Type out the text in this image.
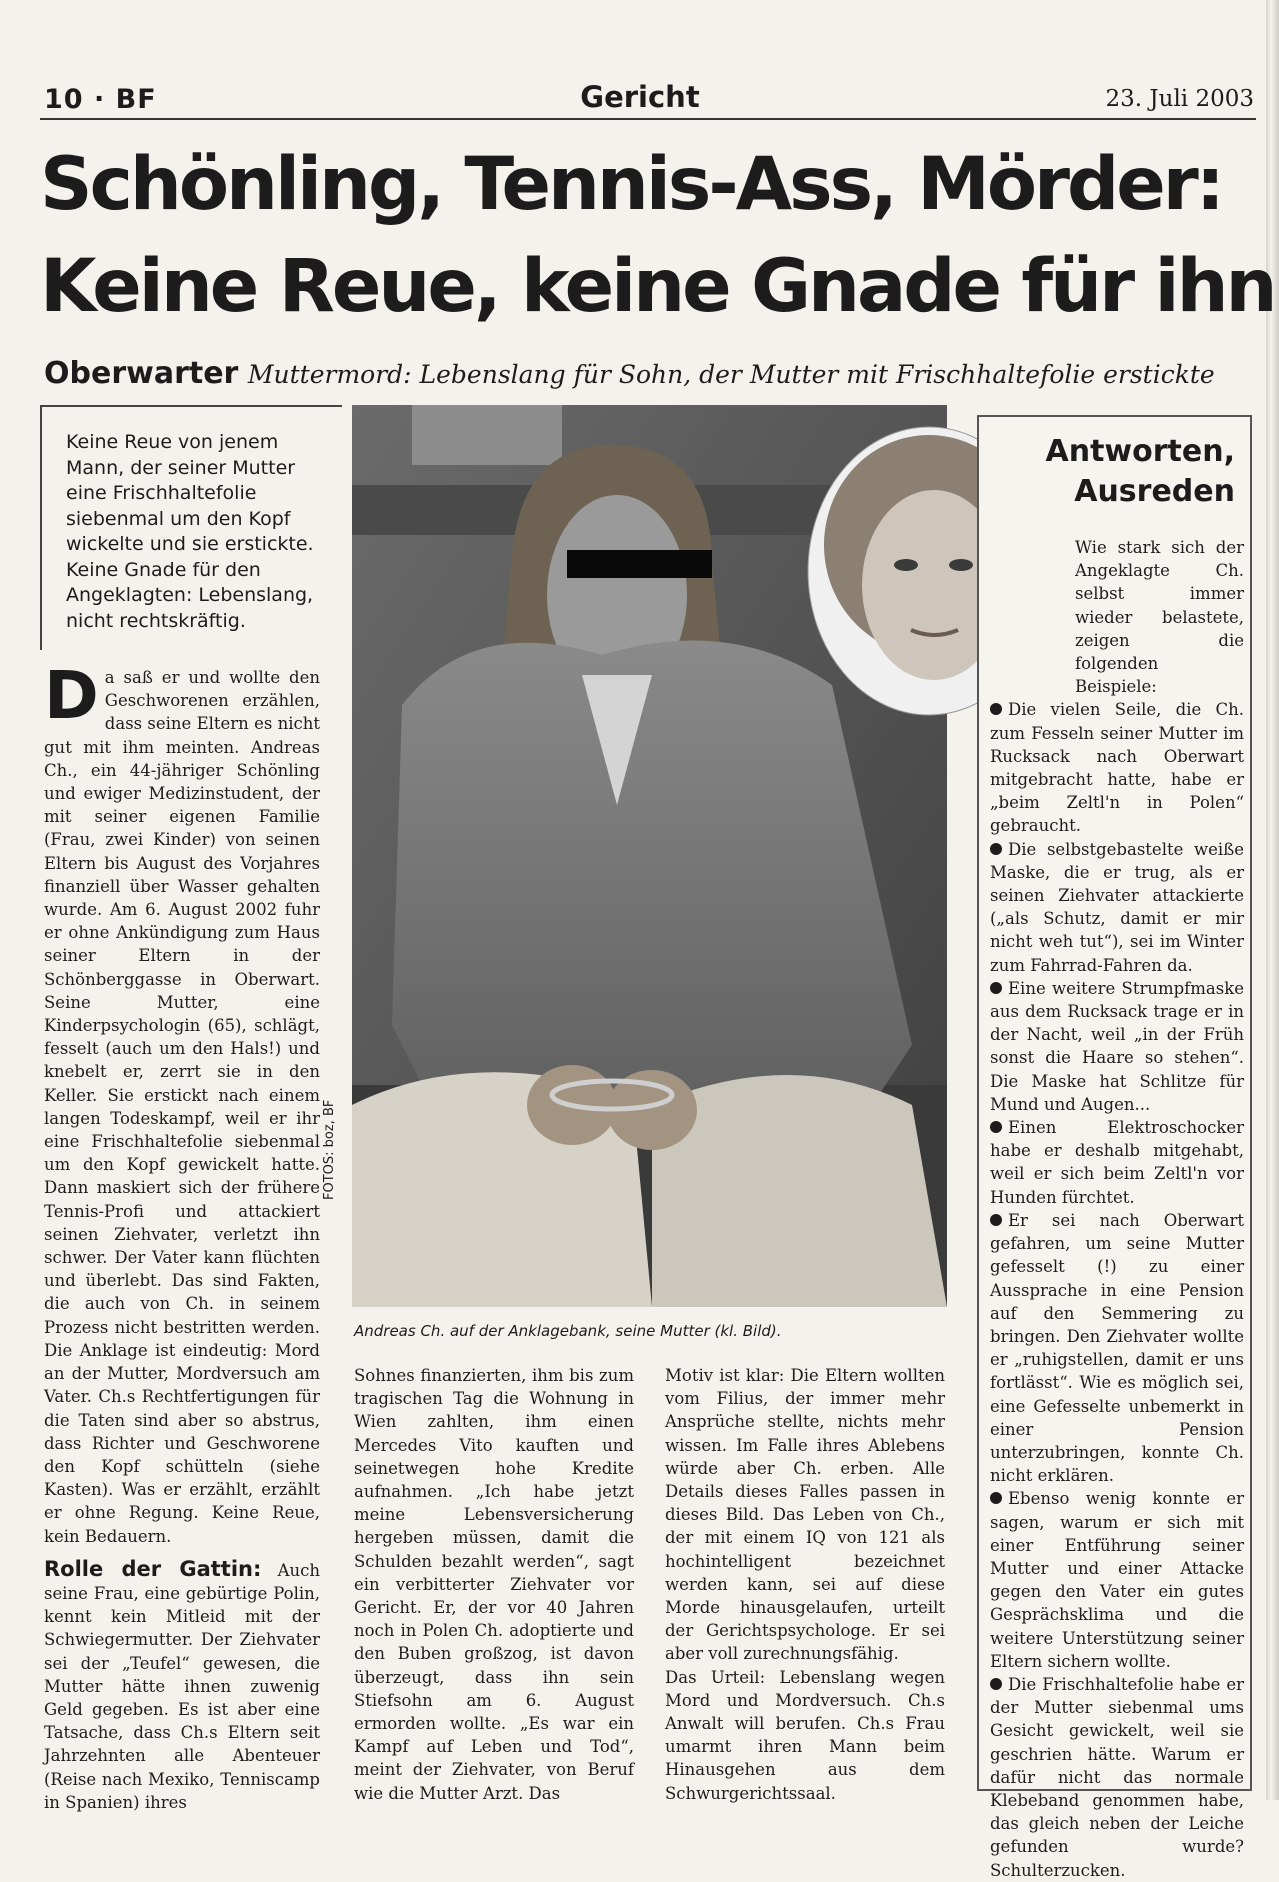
10 · BF	Gericht	23. Juli 2003
Schönling, Tennis-Ass, Mörder:
Keine Reue, keine Gnade für ihn
Oberwarter Muttermord: Lebenslang für Sohn, der Mutter mit Frischhaltefolie erstickte
Keine Reue von jenem Mann, der seiner Mutter eine Frischhaltefolie siebenmal um den Kopf wickelte und sie erstickte. Keine Gnade für den Angeklagten: Lebenslang, nicht rechtskräftig.

Da saß er und wollte den Geschworenen erzählen, dass seine Eltern es nicht gut mit ihm meinten. Andreas Ch., ein 44-jähriger Schönling und ewiger Medizinstudent, der mit seiner eigenen Familie (Frau, zwei Kinder) von seinen Eltern bis August des Vorjahres finanziell über Wasser gehalten wurde. Am 6. August 2002 fuhr er ohne Ankündigung zum Haus seiner Eltern in der Schönberggasse in Oberwart. Seine Mutter, eine Kinderpsychologin (65), schlägt, fesselt (auch um den Hals!) und knebelt er, zerrt sie in den Keller. Sie erstickt nach einem langen Todeskampf, weil er ihr eine Frischhaltefolie siebenmal um den Kopf gewickelt hatte. Dann maskiert sich der frühere Tennis-Profi und attackiert seinen Ziehvater, verletzt ihn schwer. Der Vater kann flüchten und überlebt. Das sind Fakten, die auch von Ch. in seinem Prozess nicht bestritten werden. Die Anklage ist eindeutig: Mord an der Mutter, Mordversuch am Vater. Ch.s Rechtfertigungen für die Taten sind aber so abstrus, dass Richter und Geschworene den Kopf schütteln (siehe Kasten). Was er erzählt, erzählt er ohne Regung. Keine Reue, kein Bedauern.

Rolle der Gattin: Auch seine Frau, eine gebürtige Polin, kennt kein Mitleid mit der Schwiegermutter. Der Ziehvater sei der „Teufel“ gewesen, die Mutter hätte ihnen zuwenig Geld gegeben. Es ist aber eine Tatsache, dass Ch.s Eltern seit Jahrzehnten alle Abenteuer (Reise nach Mexiko, Tenniscamp in Spanien) ihres

Sohnes finanzierten, ihm bis zum tragischen Tag die Wohnung in Wien zahlten, ihm einen Mercedes Vito kauften und seinetwegen hohe Kredite aufnahmen. „Ich habe jetzt meine Lebensversicherung hergeben müssen, damit die Schulden bezahlt werden“, sagt ein verbitterter Ziehvater vor Gericht. Er, der vor 40 Jahren noch in Polen Ch. adoptierte und den Buben großzog, ist davon überzeugt, dass ihn sein Stiefsohn am 6. August ermorden wollte. „Es war ein Kampf auf Leben und Tod“, meint der Ziehvater, von Beruf wie die Mutter Arzt. Das

Motiv ist klar: Die Eltern wollten vom Filius, der immer mehr Ansprüche stellte, nichts mehr wissen. Im Falle ihres Ablebens würde aber Ch. erben. Alle Details dieses Falles passen in dieses Bild. Das Leben von Ch., der mit einem IQ von 121 als hochintelligent bezeichnet werden kann, sei auf diese Morde hinausgelaufen, urteilt der Gerichtspsychologe. Er sei aber voll zurechnungsfähig.

Das Urteil: Lebenslang wegen Mord und Mordversuch. Ch.s Anwalt will berufen. Ch.s Frau umarmt ihren Mann beim Hinausgehen aus dem Schwurgerichtssaal.

FOTOS: boz, BF
Andreas Ch. auf der Anklagebank, seine Mutter (kl. Bild).
Antworten,
Ausreden

Wie stark sich der Angeklagte Ch. selbst immer wieder belastete, zeigen die folgenden Beispiele:

Die vielen Seile, die Ch. zum Fesseln seiner Mutter im Rucksack nach Oberwart mitgebracht hatte, habe er „beim Zeltl'n in Polen“ gebraucht.

Die selbstgebastelte weiße Maske, die er trug, als er seinen Ziehvater attackierte („als Schutz, damit er mir nicht weh tut“), sei im Winter zum Fahrrad-Fahren da.

Eine weitere Strumpfmaske aus dem Rucksack trage er in der Nacht, weil „in der Früh sonst die Haare so stehen“. Die Maske hat Schlitze für Mund und Augen...

Einen Elektroschocker habe er deshalb mitgehabt, weil er sich beim Zeltl'n vor Hunden fürchtet.

Er sei nach Oberwart gefahren, um seine Mutter gefesselt (!) zu einer Aussprache in eine Pension auf den Semmering zu bringen. Den Ziehvater wollte er „ruhigstellen, damit er uns fortlässt“. Wie es möglich sei, eine Gefesselte unbemerkt in einer Pension unterzubringen, konnte Ch. nicht erklären.

Ebenso wenig konnte er sagen, warum er sich mit einer Entführung seiner Mutter und einer Attacke gegen den Vater ein gutes Gesprächsklima und die weitere Unterstützung seiner Eltern sichern wollte.

Die Frischhaltefolie habe er der Mutter siebenmal ums Gesicht gewickelt, weil sie geschrien hätte. Warum er dafür nicht das normale Klebeband genommen habe, das gleich neben der Leiche gefunden wurde? Schulterzucken.
